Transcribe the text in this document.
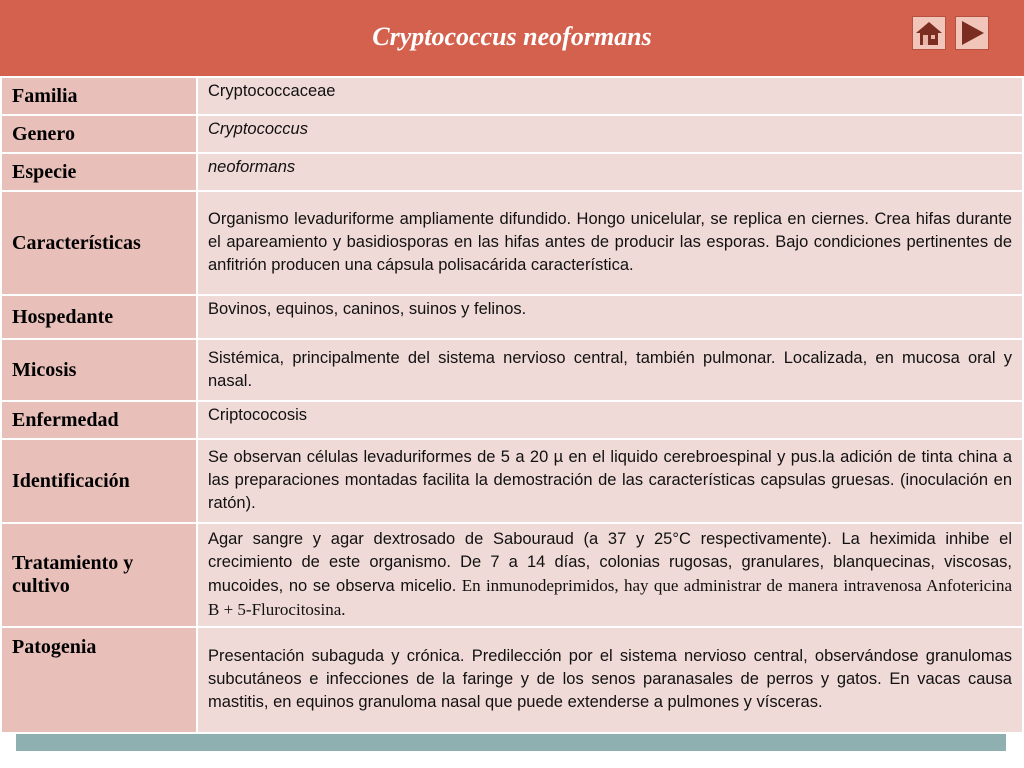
Cryptococcus neoformans
Familia	Cryptococcaceae
Genero	Cryptococcus
Especie	neoformans
Características	Organismo levaduriforme ampliamente difundido. Hongo unicelular, se replica en ciernes. Crea hifas durante el apareamiento y basidiosporas en las hifas antes de producir las esporas. Bajo condiciones pertinentes de anfitrión producen una cápsula polisacárida característica.
Hospedante	Bovinos, equinos, caninos, suinos y felinos.
Micosis	Sistémica, principalmente del sistema nervioso central, también pulmonar. Localizada, en mucosa oral y nasal.
Enfermedad	Criptococosis
Identificación	Se observan células levaduriformes de 5 a 20 µ en el liquido cerebroespinal y pus.la adición de tinta china a las preparaciones montadas facilita la demostración de las características capsulas gruesas. (inoculación en ratón).
Tratamiento y cultivo	Agar sangre y agar dextrosado de Sabouraud (a 37 y 25°C respectivamente). La heximida inhibe el crecimiento de este organismo. De 7 a 14 días, colonias rugosas, granulares, blanquecinas, viscosas, mucoides, no se observa micelio. En inmunodeprimidos, hay que administrar de manera intravenosa Anfotericina B + 5-Flurocitosina.
Patogenia	Presentación subaguda y crónica. Predilección por el sistema nervioso central, observándose granulomas subcutáneos e infecciones de la faringe y de los senos paranasales de perros y gatos. En vacas causa mastitis, en equinos granuloma nasal que puede extenderse a pulmones y vísceras.
